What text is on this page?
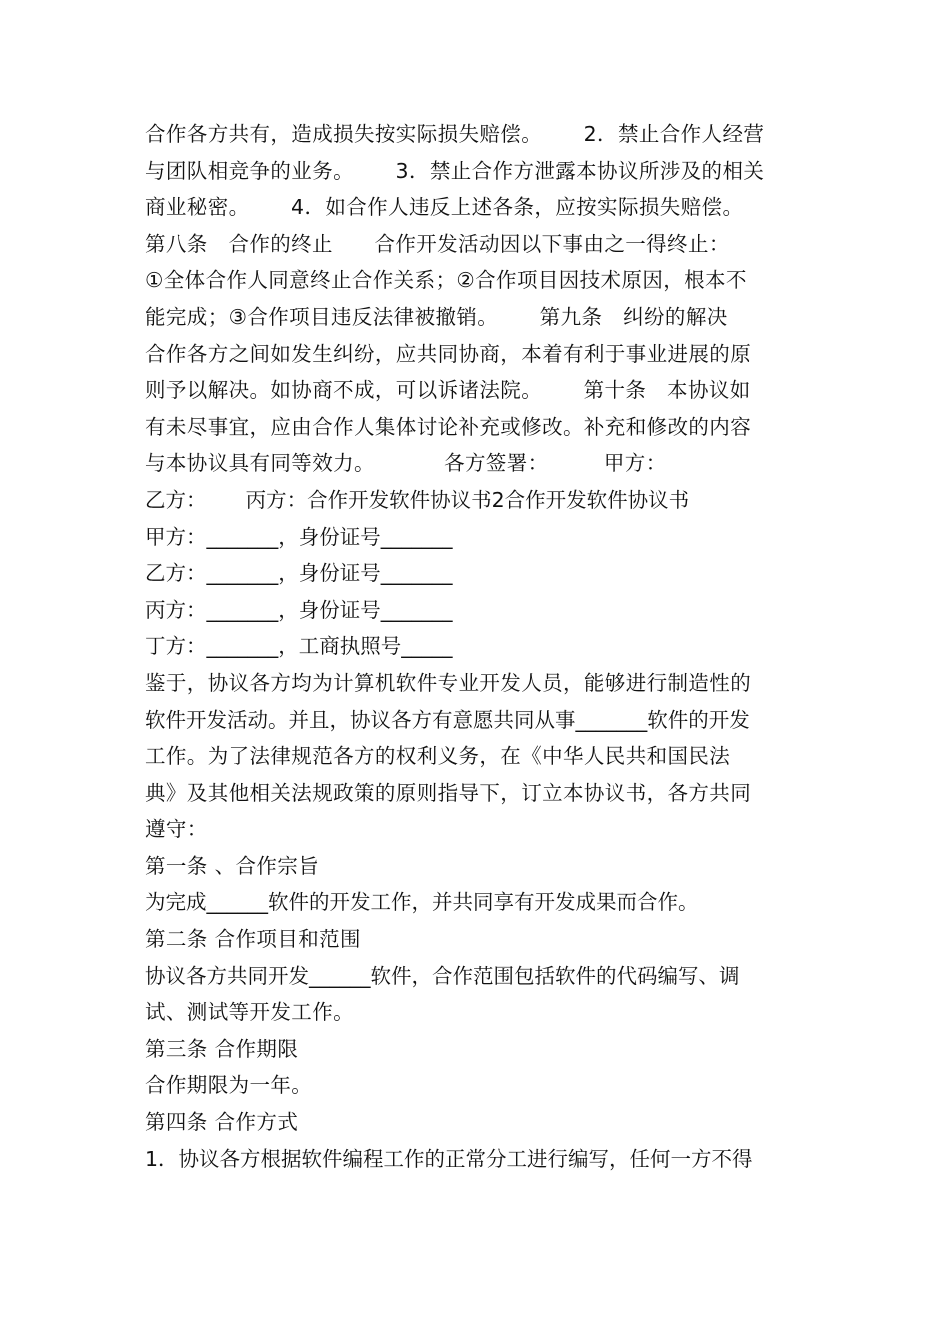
合作各方共有，造成损失按实际损失赔偿。      2．禁止合作人经营
与团队相竞争的业务。      3．禁止合作方泄露本协议所涉及的相关
商业秘密。      4．如合作人违反上述各条，应按实际损失赔偿。
第八条   合作的终止      合作开发活动因以下事由之一得终止：
①全体合作人同意终止合作关系；②合作项目因技术原因，根本不
能完成；③合作项目违反法律被撤销。      第九条   纠纷的解决
合作各方之间如发生纠纷，应共同协商，本着有利于事业进展的原
则予以解决。如协商不成，可以诉诸法院。      第十条   本协议如
有未尽事宜，应由合作人集体讨论补充或修改。补充和修改的内容
与本协议具有同等效力。          各方签署：        甲方：
乙方：      丙方：合作开发软件协议书2合作开发软件协议书
甲方：_______，身份证号_______
乙方：_______，身份证号_______
丙方：_______，身份证号_______
丁方：_______，工商执照号_____
鉴于，协议各方均为计算机软件专业开发人员，能够进行制造性的
软件开发活动。并且，协议各方有意愿共同从事_______软件的开发
工作。为了法律规范各方的权利义务，在《中华人民共和国民法
典》及其他相关法规政策的原则指导下，订立本协议书，各方共同
遵守：
第一条 、合作宗旨
为完成______软件的开发工作，并共同享有开发成果而合作。
第二条 合作项目和范围
协议各方共同开发______软件，合作范围包括软件的代码编写、调
试、测试等开发工作。
第三条 合作期限
合作期限为一年。
第四条 合作方式
1．协议各方根据软件编程工作的正常分工进行编写，任何一方不得
